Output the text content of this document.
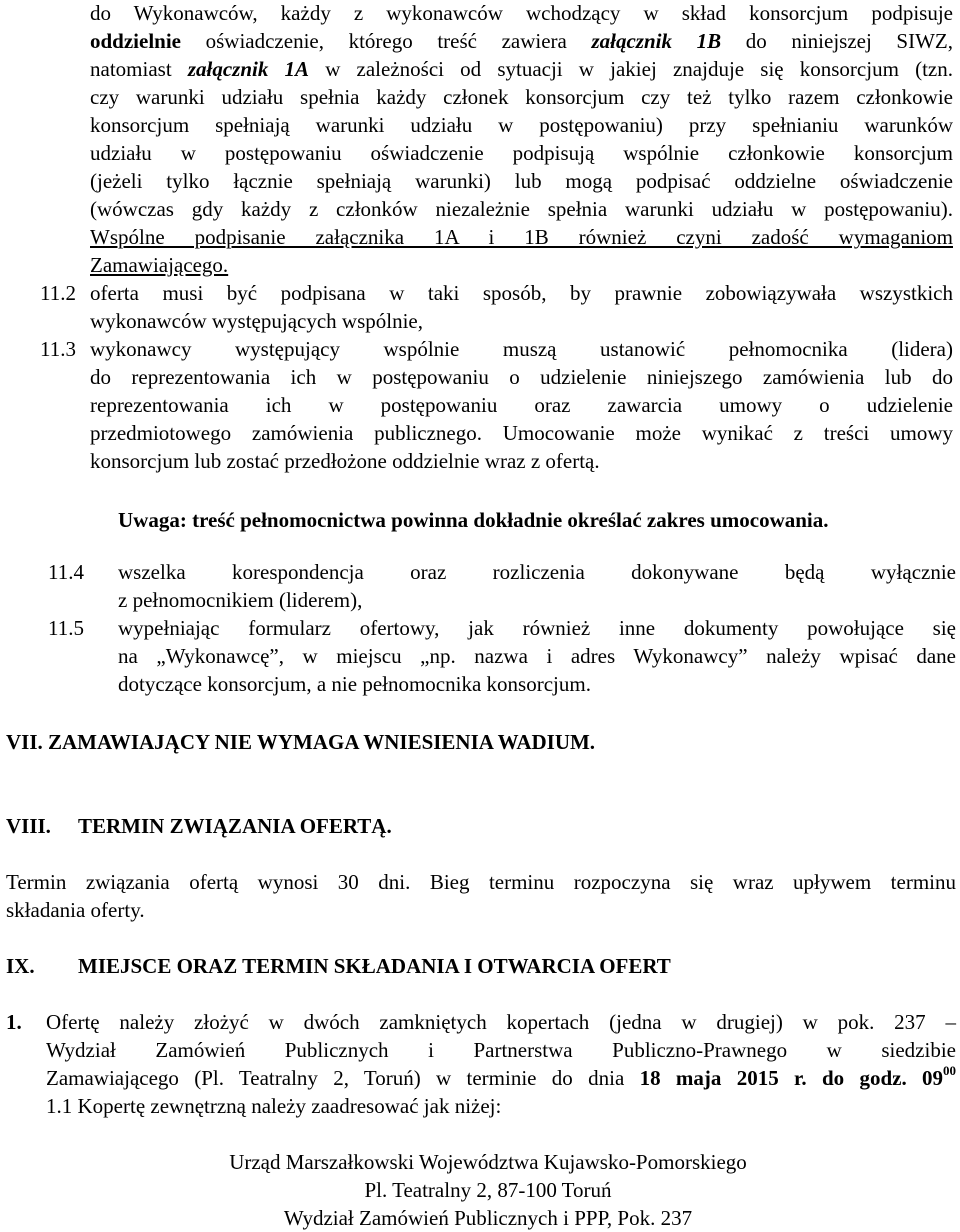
do Wykonawców, każdy z wykonawców wchodzący w skład konsorcjum podpisuje
oddzielnie oświadczenie, którego treść zawiera załącznik 1B do niniejszej SIWZ,
natomiast załącznik 1A w zależności od sytuacji w jakiej znajduje się konsorcjum (tzn.
czy warunki udziału spełnia każdy członek konsorcjum czy też tylko razem członkowie
konsorcjum spełniają warunki udziału w postępowaniu) przy spełnianiu warunków
udziału w postępowaniu oświadczenie podpisują wspólnie członkowie konsorcjum
(jeżeli tylko łącznie spełniają warunki) lub mogą podpisać oddzielne oświadczenie
(wówczas gdy każdy z członków niezależnie spełnia warunki udziału w postępowaniu).
Wspólne podpisanie załącznika 1A i 1B również czyni zadość wymaganiom
Zamawiającego.
11.2 oferta musi być podpisana w taki sposób, by prawnie zobowiązywała wszystkich
wykonawców występujących wspólnie,
11.3 wykonawcy występujący wspólnie muszą ustanowić pełnomocnika (lidera)
do reprezentowania ich w postępowaniu o udzielenie niniejszego zamówienia lub do
reprezentowania ich w postępowaniu oraz zawarcia umowy o udzielenie
przedmiotowego zamówienia publicznego. Umocowanie może wynikać z treści umowy
konsorcjum lub zostać przedłożone oddzielnie wraz z ofertą.
Uwaga: treść pełnomocnictwa powinna dokładnie określać zakres umocowania.
11.4 wszelka korespondencja oraz rozliczenia dokonywane będą wyłącznie
z pełnomocnikiem (liderem),
11.5 wypełniając formularz ofertowy, jak również inne dokumenty powołujące się
na „Wykonawcę”, w miejscu „np. nazwa i adres Wykonawcy” należy wpisać dane
dotyczące konsorcjum, a nie pełnomocnika konsorcjum.
VII. ZAMAWIAJĄCY NIE WYMAGA WNIESIENIA WADIUM.
VIII. TERMIN ZWIĄZANIA OFERTĄ.
Termin związania ofertą wynosi 30 dni. Bieg terminu rozpoczyna się wraz upływem terminu
składania oferty.
IX. MIEJSCE ORAZ TERMIN SKŁADANIA I OTWARCIA OFERT
1. Ofertę należy złożyć w dwóch zamkniętych kopertach (jedna w drugiej) w pok. 237 –
Wydział Zamówień Publicznych i Partnerstwa Publiczno-Prawnego w siedzibie
Zamawiającego (Pl. Teatralny 2, Toruń) w terminie do dnia 18 maja 2015 r. do godz. $09^{00}$
1.1 Kopertę zewnętrzną należy zaadresować jak niżej:
Urząd Marszałkowski Województwa Kujawsko-Pomorskiego
Pl. Teatralny 2, 87-100 Toruń
Wydział Zamówień Publicznych i PPP, Pok. 237
